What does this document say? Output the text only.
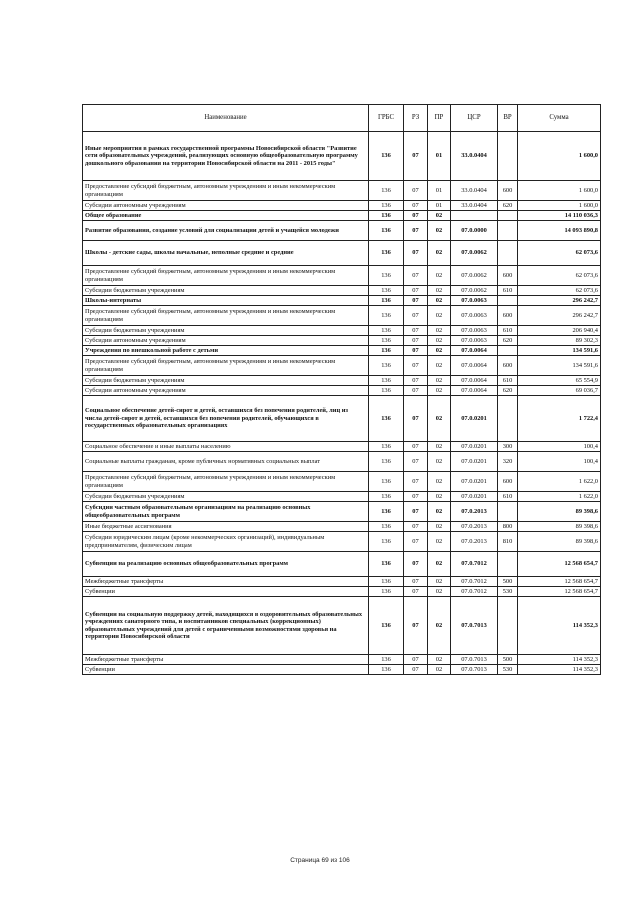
Наименование	ГРБС	РЗ	ПР	ЦСР	ВР	Сумма
Иные мероприятия в рамках государственной программы Новосибирской области "Развитие сети образовательных учреждений, реализующих основную общеобразовательную программу дошкольного образования на территории Новосибирской области на 2011 - 2015 годы"	136	07	01	33.0.0404		1 600,0
Предоставление субсидий бюджетным, автономным учреждениям и иным некоммерческим организациям	136	07	01	33.0.0404	600	1 600,0
Субсидии автономным учреждениям	136	07	01	33.0.0404	620	1 600,0
Общее образование	136	07	02			14 110 036,3
Развитие образования, создание условий для социализации детей и учащейся молодежи	136	07	02	07.0.0000		14 093 890,8
Школы - детские сады, школы начальные, неполные средние и средние	136	07	02	07.0.0062		62 073,6
Предоставление субсидий бюджетным, автономным учреждениям и иным некоммерческим организациям	136	07	02	07.0.0062	600	62 073,6
Субсидии бюджетным учреждениям	136	07	02	07.0.0062	610	62 073,6
Школы-интернаты	136	07	02	07.0.0063		296 242,7
Предоставление субсидий бюджетным, автономным учреждениям и иным некоммерческим организациям	136	07	02	07.0.0063	600	296 242,7
Субсидии бюджетным учреждениям	136	07	02	07.0.0063	610	206 940,4
Субсидии автономным учреждениям	136	07	02	07.0.0063	620	89 302,3
Учреждения по внешкольной работе с детьми	136	07	02	07.0.0064		134 591,6
Предоставление субсидий бюджетным, автономным учреждениям и иным некоммерческим организациям	136	07	02	07.0.0064	600	134 591,6
Субсидии бюджетным учреждениям	136	07	02	07.0.0064	610	65 554,9
Субсидии автономным учреждениям	136	07	02	07.0.0064	620	69 036,7
Социальное обеспечение детей-сирот и детей, оставшихся без попечения родителей, лиц из числа детей-сирот и детей, оставшихся без попечения родителей, обучающихся в государственных образовательных организациях	136	07	02	07.0.0201		1 722,4
Социальное обеспечение и иные выплаты населению	136	07	02	07.0.0201	300	100,4
Социальные выплаты гражданам, кроме публичных нормативных социальных выплат	136	07	02	07.0.0201	320	100,4
Предоставление субсидий бюджетным, автономным учреждениям и иным некоммерческим организациям	136	07	02	07.0.0201	600	1 622,0
Субсидии бюджетным учреждениям	136	07	02	07.0.0201	610	1 622,0
Субсидии частным образовательным организациям на реализацию основных общеобразовательных программ	136	07	02	07.0.2013		89 398,6
Иные бюджетные ассигнования	136	07	02	07.0.2013	800	89 398,6
Субсидии юридическим лицам (кроме некоммерческих организаций), индивидуальным предпринимателям, физическим лицам	136	07	02	07.0.2013	810	89 398,6
Субвенции на реализацию основных общеобразовательных программ	136	07	02	07.0.7012		12 568 654,7
Межбюджетные трансферты	136	07	02	07.0.7012	500	12 568 654,7
Субвенции	136	07	02	07.0.7012	530	12 568 654,7
Субвенции на социальную поддержку детей, находящихся в оздоровительных образовательных учреждениях санаторного типа, и воспитанников специальных (коррекционных) образовательных учреждений для детей с ограниченными возможностями здоровья на территории Новосибирской области	136	07	02	07.0.7013		114 352,3
Межбюджетные трансферты	136	07	02	07.0.7013	500	114 352,3
Субвенции	136	07	02	07.0.7013	530	114 352,3
Страница 69 из 106
